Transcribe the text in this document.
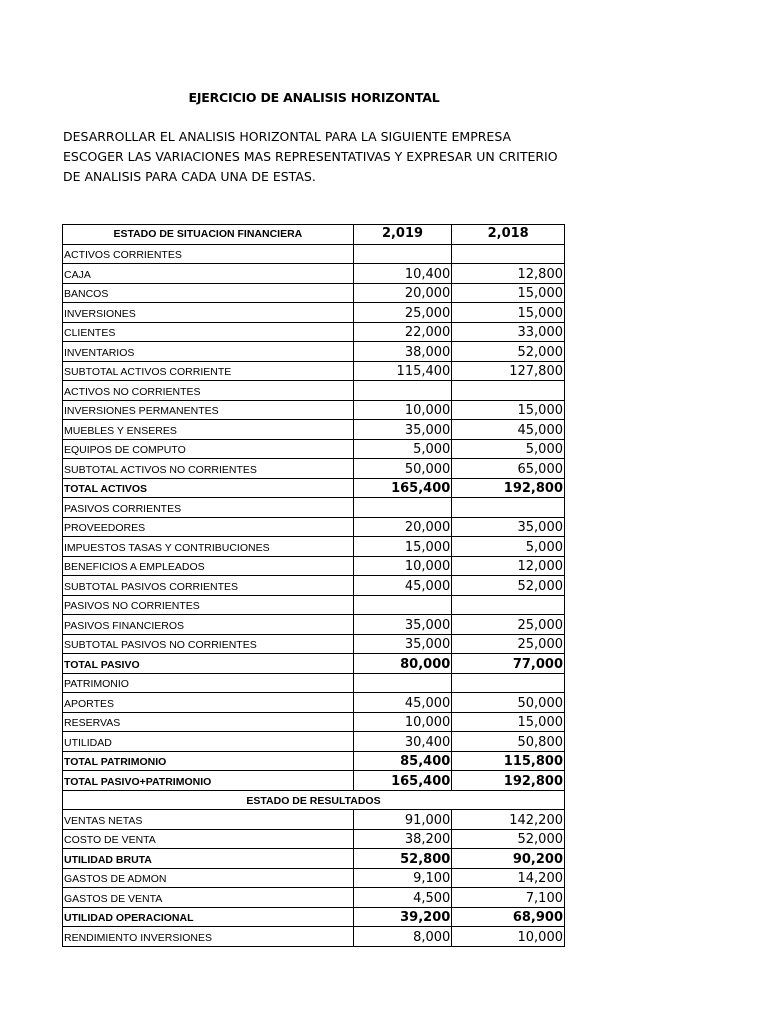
EJERCICIO DE ANALISIS HORIZONTAL
DESARROLLAR EL ANALISIS HORIZONTAL PARA LA SIGUIENTE EMPRESA
ESCOGER LAS VARIACIONES MAS REPRESENTATIVAS Y EXPRESAR UN CRITERIO
DE ANALISIS PARA CADA UNA DE ESTAS.
ESTADO DE SITUACION FINANCIERA	2,019	2,018
ACTIVOS CORRIENTES		
CAJA	10,400	12,800
BANCOS	20,000	15,000
INVERSIONES	25,000	15,000
CLIENTES	22,000	33,000
INVENTARIOS	38,000	52,000
SUBTOTAL ACTIVOS CORRIENTE	115,400	127,800
ACTIVOS NO CORRIENTES		
INVERSIONES PERMANENTES	10,000	15,000
MUEBLES Y ENSERES	35,000	45,000
EQUIPOS DE COMPUTO	5,000	5,000
SUBTOTAL ACTIVOS NO CORRIENTES	50,000	65,000
TOTAL ACTIVOS	165,400	192,800
PASIVOS CORRIENTES		
PROVEEDORES	20,000	35,000
IMPUESTOS TASAS Y CONTRIBUCIONES	15,000	5,000
BENEFICIOS A EMPLEADOS	10,000	12,000
SUBTOTAL PASIVOS CORRIENTES	45,000	52,000
PASIVOS NO CORRIENTES		
PASIVOS FINANCIEROS	35,000	25,000
SUBTOTAL PASIVOS NO CORRIENTES	35,000	25,000
TOTAL PASIVO	80,000	77,000
PATRIMONIO		
APORTES	45,000	50,000
RESERVAS	10,000	15,000
UTILIDAD	30,400	50,800
TOTAL PATRIMONIO	85,400	115,800
TOTAL PASIVO+PATRIMONIO	165,400	192,800
ESTADO DE RESULTADOS		
VENTAS NETAS	91,000	142,200
COSTO DE VENTA	38,200	52,000
UTILIDAD BRUTA	52,800	90,200
GASTOS DE ADMON	9,100	14,200
GASTOS DE VENTA	4,500	7,100
UTILIDAD OPERACIONAL	39,200	68,900
RENDIMIENTO INVERSIONES	8,000	10,000
